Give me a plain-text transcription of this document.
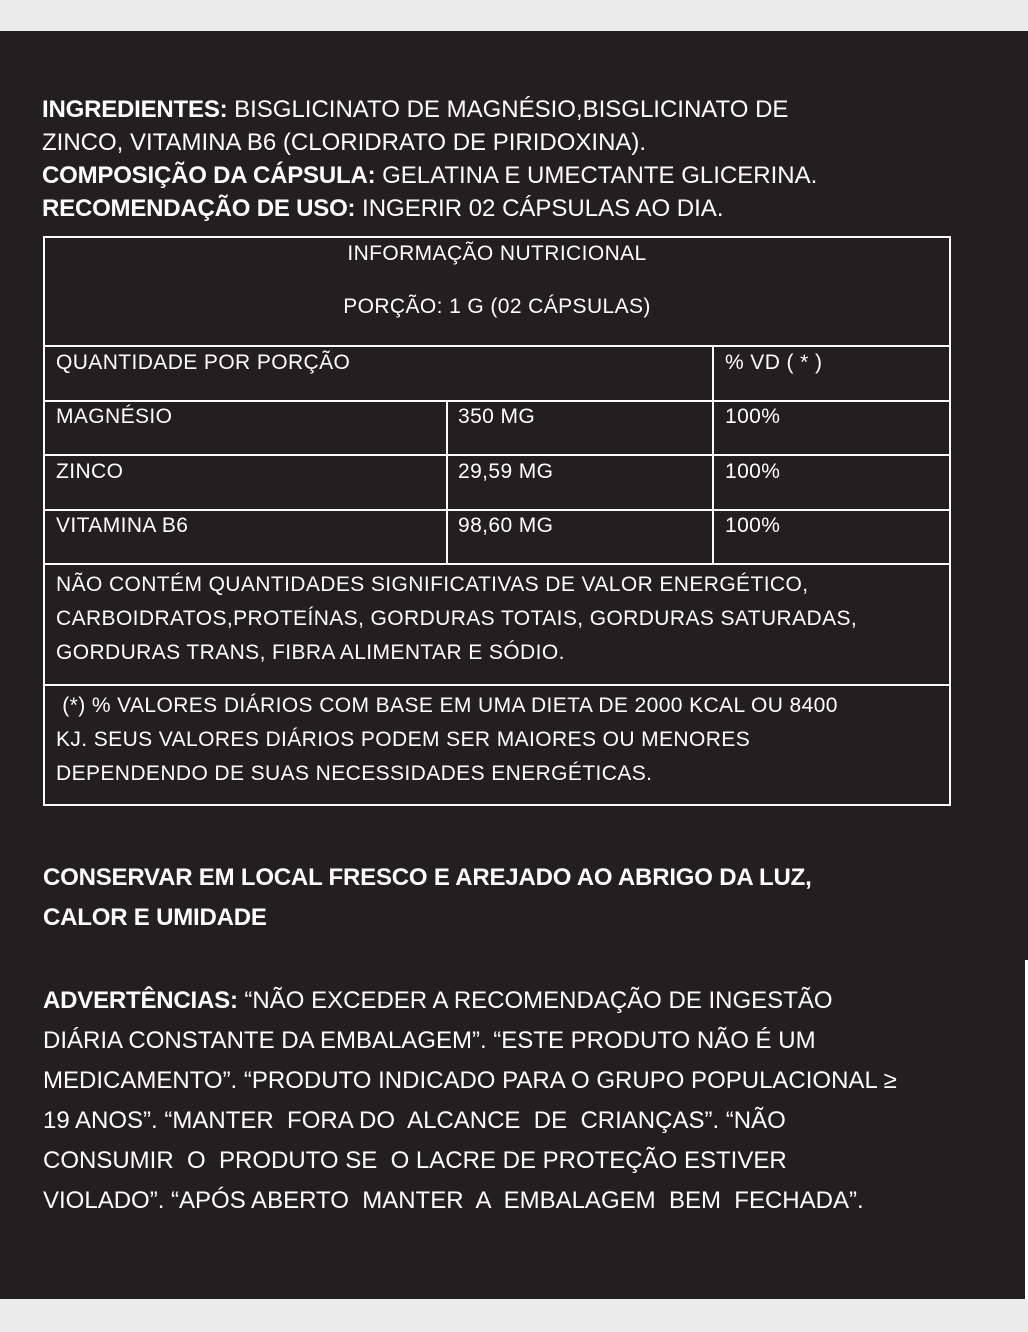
INGREDIENTES: BISGLICINATO DE MAGNÉSIO,BISGLICINATO DE

ZINCO, VITAMINA B6 (CLORIDRATO DE PIRIDOXINA).

COMPOSIÇÃO DA CÁPSULA: GELATINA E UMECTANTE GLICERINA.

RECOMENDAÇÃO DE USO: INGERIR 02 CÁPSULAS AO DIA.

INFORMAÇÃO NUTRICIONAL
PORÇÃO: 1 G (02 CÁPSULAS)
QUANTIDADE POR PORÇÃO	% VD ( * )
MAGNÉSIO	350 MG	100%
ZINCO	29,59 MG	100%
VITAMINA B6	98,60 MG	100%
NÃO CONTÉM QUANTIDADES SIGNIFICATIVAS DE VALOR ENERGÉTICO,
CARBOIDRATOS,PROTEÍNAS, GORDURAS TOTAIS, GORDURAS SATURADAS,
GORDURAS TRANS, FIBRA ALIMENTAR E SÓDIO.
(*) % VALORES DIÁRIOS COM BASE EM UMA DIETA DE 2000 KCAL OU 8400
KJ. SEUS VALORES DIÁRIOS PODEM SER MAIORES OU MENORES
DEPENDENDO DE SUAS NECESSIDADES ENERGÉTICAS.

CONSERVAR EM LOCAL FRESCO E AREJADO AO ABRIGO DA LUZ,

CALOR E UMIDADE

ADVERTÊNCIAS: “NÃO EXCEDER A RECOMENDAÇÃO DE INGESTÃO

DIÁRIA CONSTANTE DA EMBALAGEM”. “ESTE PRODUTO NÃO É UM

MEDICAMENTO”. “PRODUTO INDICADO PARA O GRUPO POPULACIONAL ≥

19 ANOS”. “MANTER  FORA DO  ALCANCE  DE  CRIANÇAS”. “NÃO

CONSUMIR  O  PRODUTO SE  O LACRE DE PROTEÇÃO ESTIVER

VIOLADO”. “APÓS ABERTO  MANTER  A  EMBALAGEM  BEM  FECHADA”.
